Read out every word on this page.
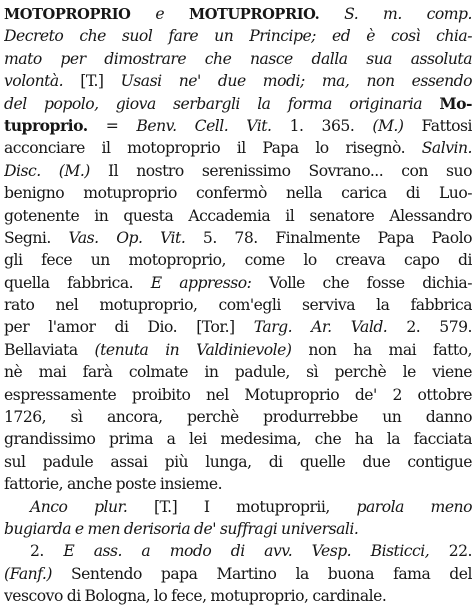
MOTOPROPRIO e MOTUPROPRIO. S. m. comp.
Decreto che suol fare un Principe; ed è così chia-
mato per dimostrare che nasce dalla sua assoluta
volontà. [T.] Usasi ne' due modi; ma, non essendo
del popolo, giova serbargli la forma originaria Mo-
tuproprio. = Benv. Cell. Vit. 1. 365. (M.) Fattosi
acconciare il motoproprio il Papa lo risegnò. Salvin.
Disc. (M.) Il nostro serenissimo Sovrano... con suo
benigno motuproprio confermò nella carica di Luo-
gotenente in questa Accademia il senatore Alessandro
Segni. Vas. Op. Vit. 5. 78. Finalmente Papa Paolo
gli fece un motoproprio, come lo creava capo di
quella fabbrica. E appresso: Volle che fosse dichia-
rato nel motuproprio, com'egli serviva la fabbrica
per l'amor di Dio. [Tor.] Targ. Ar. Vald. 2. 579.
Bellaviata (tenuta in Valdinievole) non ha mai fatto,
nè mai farà colmate in padule, sì perchè le viene
espressamente proibito nel Motuproprio de' 2 ottobre
1726, sì ancora, perchè produrrebbe un danno
grandissimo prima a lei medesima, che ha la facciata
sul padule assai più lunga, di quelle due contigue
fattorie, anche poste insieme.
Anco plur. [T.] I motuproprii, parola meno
bugiarda e men derisoria de' suffragi universali.
2. E ass. a modo di avv. Vesp. Bisticci, 22.
(Fanf.) Sentendo papa Martino la buona fama del
vescovo di Bologna, lo fece, motuproprio, cardinale.
